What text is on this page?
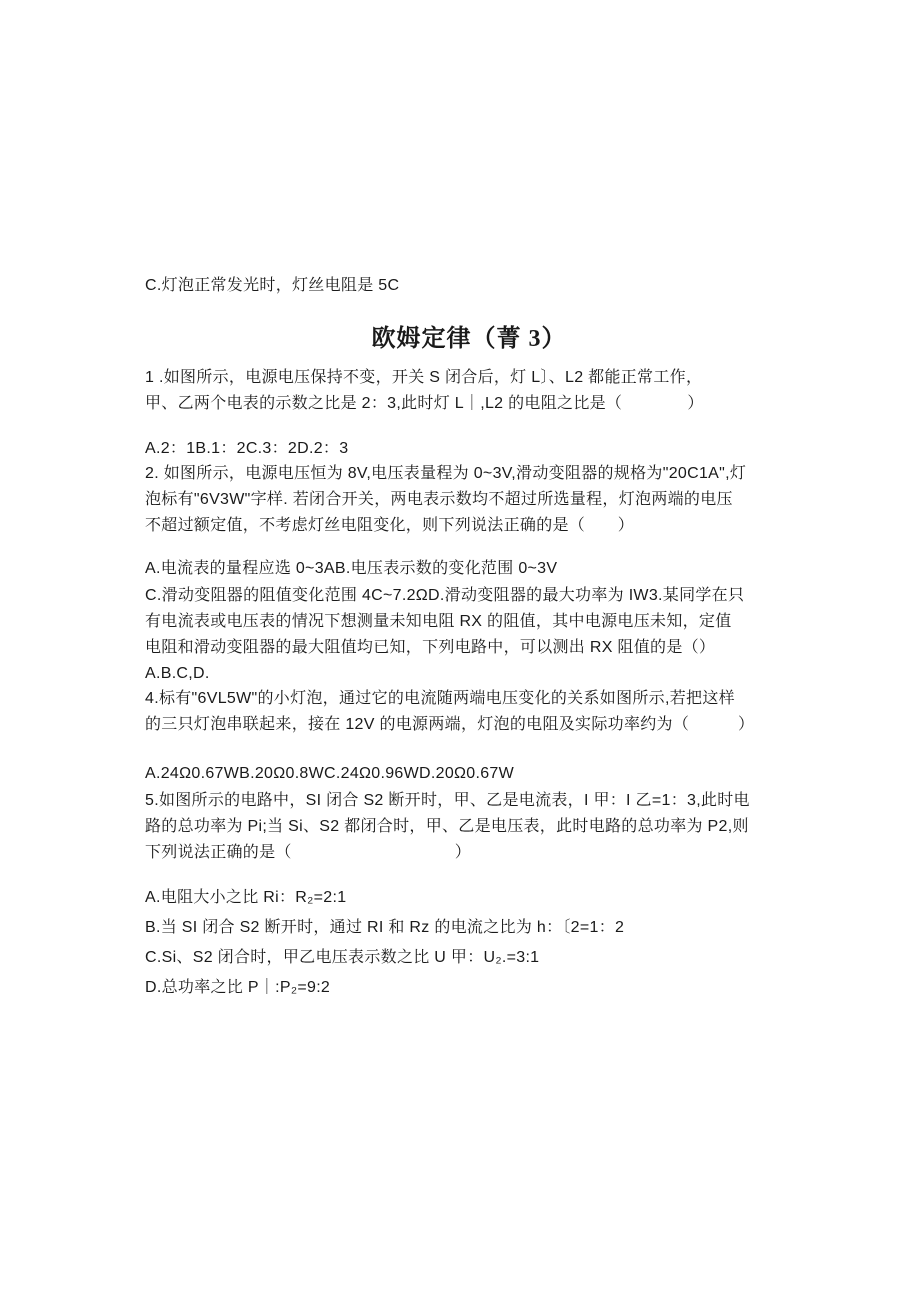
C.灯泡正常发光时，灯丝电阻是 5C
欧姆定律（菁 3）
1 .如图所示，电源电压保持不变，开关 S 闭合后，灯 L〕、L2 都能正常工作，
甲、乙两个电表的示数之比是 2：3,此时灯 L｜,L2 的电阻之比是（　　　　）
A.2：1B.1：2C.3：2D.2：3
2. 如图所示，电源电压恒为 8V,电压表量程为 0~3V,滑动变阻器的规格为"20C1A",灯
泡标有"6V3W"字样. 若闭合开关，两电表示数均不超过所选量程，灯泡两端的电压
不超过额定值，不考虑灯丝电阻变化，则下列说法正确的是（　　）
A.电流表的量程应选 0~3AB.电压表示数的变化范围 0~3V
C.滑动变阻器的阻值变化范围 4C~7.2ΩD.滑动变阻器的最大功率为 IW3.某同学在只
有电流表或电压表的情况下想测量未知电阻 RX 的阻值，其中电源电压未知，定值
电阻和滑动变阻器的最大阻值均已知，下列电路中，可以测出 RX 阻值的是（）
A.B.C,D.
4.标有"6VL5W"的小灯泡，通过它的电流随两端电压变化的关系如图所示,若把这样
的三只灯泡串联起来，接在 12V 的电源两端，灯泡的电阻及实际功率约为（　　　）
A.24Ω0.67WB.20Ω0.8WC.24Ω0.96WD.20Ω0.67W
5.如图所示的电路中，SI 闭合 S2 断开时，甲、乙是电流表，I 甲：I 乙=1：3,此时电
路的总功率为 Pi;当 Si、S2 都闭合时，甲、乙是电压表，此时电路的总功率为 P2,则
下列说法正确的是（　　　　　　　　　　）
A.电阻大小之比 Ri：R₂=2:1
B.当 SI 闭合 S2 断开时，通过 RI 和 Rz 的电流之比为 h：〔2=1：2
C.Si、S2 闭合时，甲乙电压表示数之比 U 甲：U₂.=3:1
D.总功率之比 P｜:P₂=9:2
